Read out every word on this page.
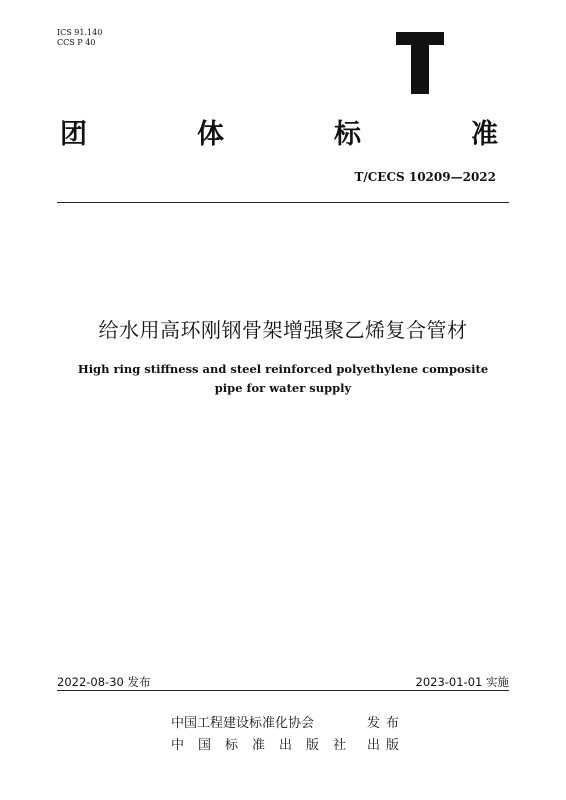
ICS 91.140
CCS P 40
团	体	标	准
T/CECS 10209—2022
给水用高环刚钢骨架增强聚乙烯复合管材
High ring stiffness and steel reinforced polyethylene composite
pipe for water supply
2022-08-30 发布	2023-01-01 实施
中国工程建设标准化协会	发布
中国标准出版社 出版
